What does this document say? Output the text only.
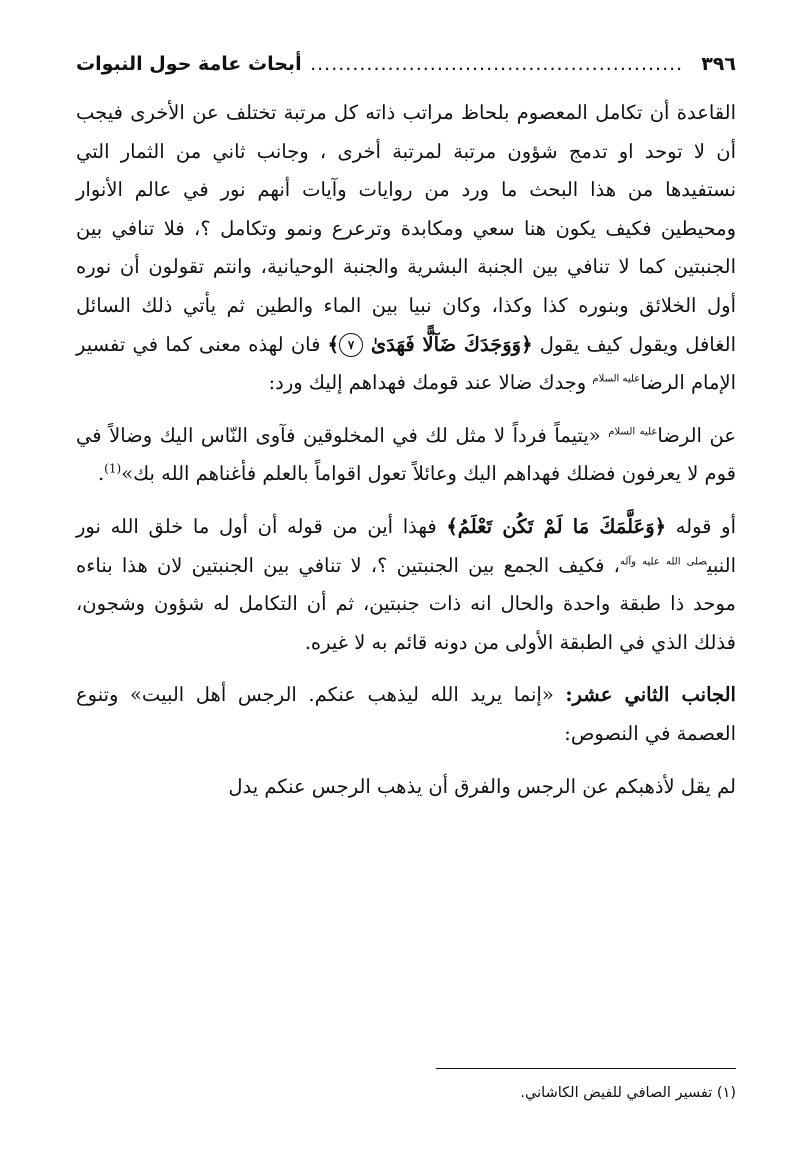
٣٩٦
.....
أبحاث عامة حول النبوات

القاعدة أن تكامل المعصوم بلحاظ مراتب ذاته كل مرتبة تختلف عن الأخرى فيجب أن لا توحد او تدمج شؤون مرتبة لمرتبة أخرى ، وجانب ثاني من الثمار التي نستفيدها من هذا البحث ما ورد من روايات وآيات أنهم نور في عالم الأنوار ومحيطين فكيف يكون هنا سعي ومكابدة وترعرع ونمو وتكامل ؟، فلا تنافي بين الجنبتين كما لا تنافي بين الجنبة البشرية والجنبة الوحيانية، وانتم تقولون أن نوره أول الخلائق وبنوره كذا وكذا، وكان نبيا بين الماء والطين ثم يأتي ذلك السائل الغافل ويقول كيف يقول ﴿وَوَجَدَكَ ضَآلًّا فَهَدَىٰ ٧﴾ فان لهذه معنى كما في تفسير الإمام الرضا$^{عليه السلام}$ وجدك ضالا عند قومك فهداهم إليك ورد:

عن الرضا$^{عليه السلام}$ «يتيماً فرداً لا مثل لك في المخلوقين فآوى النّاس اليك وضالاً في قوم لا يعرفون فضلك فهداهم اليك وعائلاً تعول اقواماً بالعلم فأغناهم الله بك»$^{(1)}$.

أو قوله ﴿وَعَلَّمَكَ مَا لَمْ تَكُن تَعْلَمُ﴾ فهذا أين من قوله أن أول ما خلق الله نور النبي$^{صلى الله عليه وآله}$، فكيف الجمع بين الجنبتين ؟، لا تنافي بين الجنبتين لان هذا بناءه موحد ذا طبقة واحدة والحال انه ذات جنبتين، ثم أن التكامل له شؤون وشجون، فذلك الذي في الطبقة الأولى من دونه قائم به لا غيره.

الجانب الثاني عشر: «إنما يريد الله ليذهب عنكم. الرجس أهل البيت» وتنوع العصمة في النصوص:

لم يقل لأذهبكم عن الرجس والفرق أن يذهب الرجس عنكم يدل

(١) تفسير الصافي للفيض الكاشاني.
